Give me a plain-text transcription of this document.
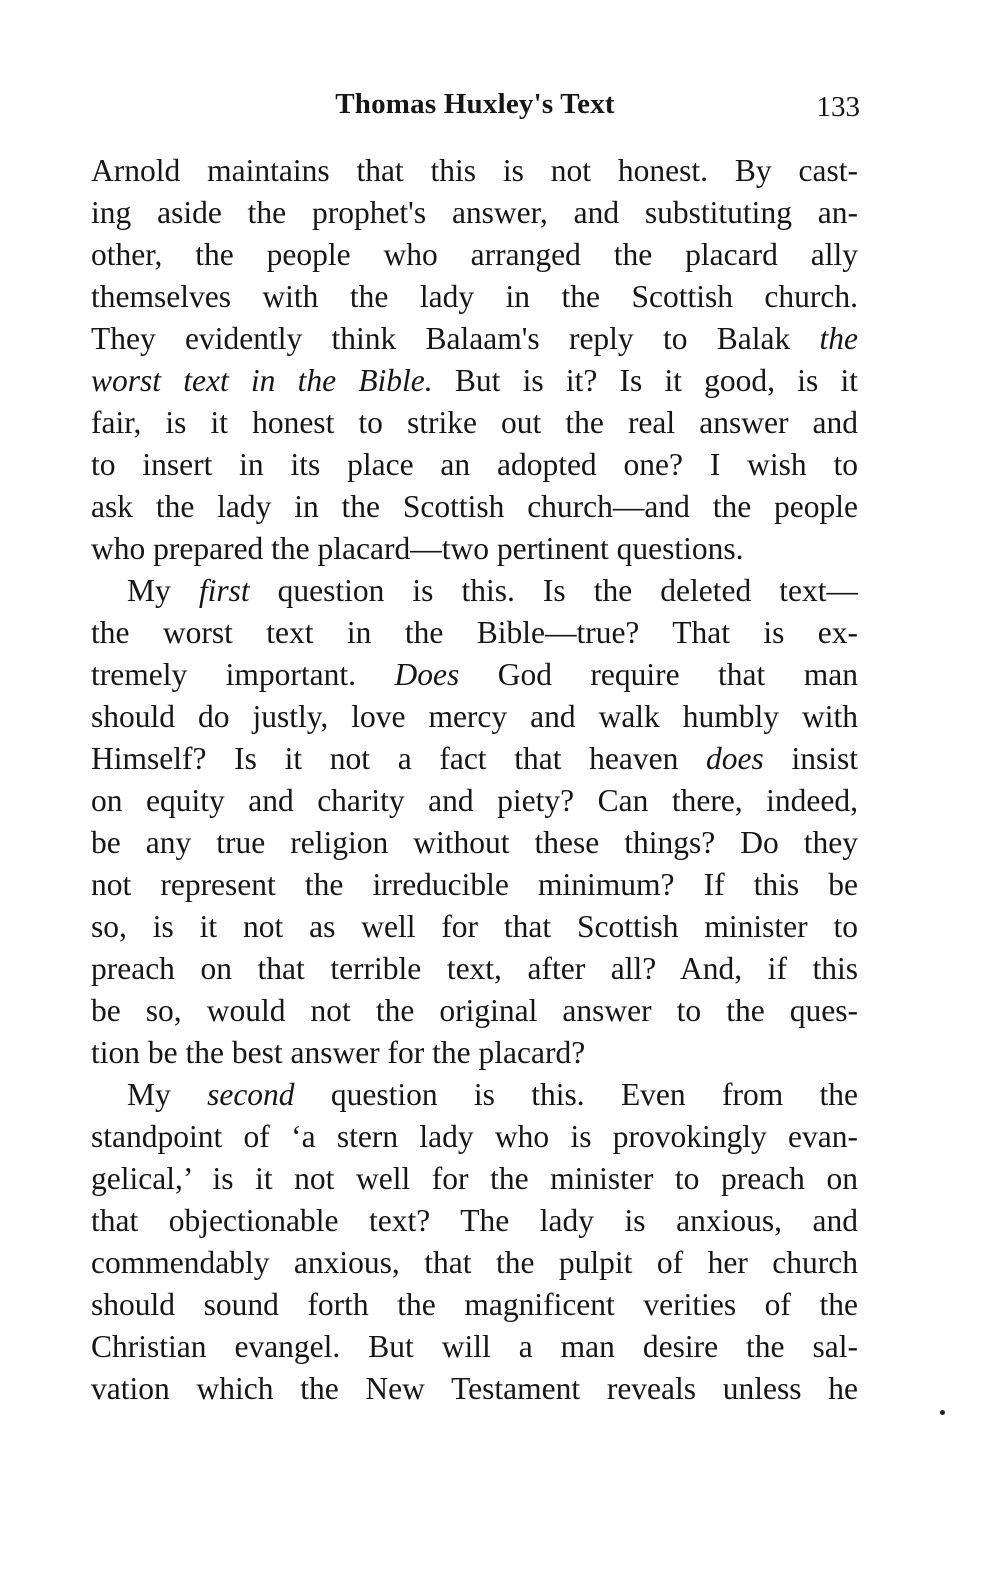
Thomas Huxley's Text	133
Arnold maintains that this is not honest. By cast-
ing aside the prophet's answer, and substituting an-
other, the people who arranged the placard ally
themselves with the lady in the Scottish church.
They evidently think Balaam's reply to Balak the
worst text in the Bible. But is it? Is it good, is it
fair, is it honest to strike out the real answer and
to insert in its place an adopted one? I wish to
ask the lady in the Scottish church—and the people
who prepared the placard—two pertinent questions.
My first question is this. Is the deleted text—
the worst text in the Bible—true? That is ex-
tremely important. Does God require that man
should do justly, love mercy and walk humbly with
Himself? Is it not a fact that heaven does insist
on equity and charity and piety? Can there, indeed,
be any true religion without these things? Do they
not represent the irreducible minimum? If this be
so, is it not as well for that Scottish minister to
preach on that terrible text, after all? And, if this
be so, would not the original answer to the ques-
tion be the best answer for the placard?
My second question is this. Even from the
standpoint of ‘a stern lady who is provokingly evan-
gelical,’ is it not well for the minister to preach on
that objectionable text? The lady is anxious, and
commendably anxious, that the pulpit of her church
should sound forth the magnificent verities of the
Christian evangel. But will a man desire the sal-
vation which the New Testament reveals unless he
